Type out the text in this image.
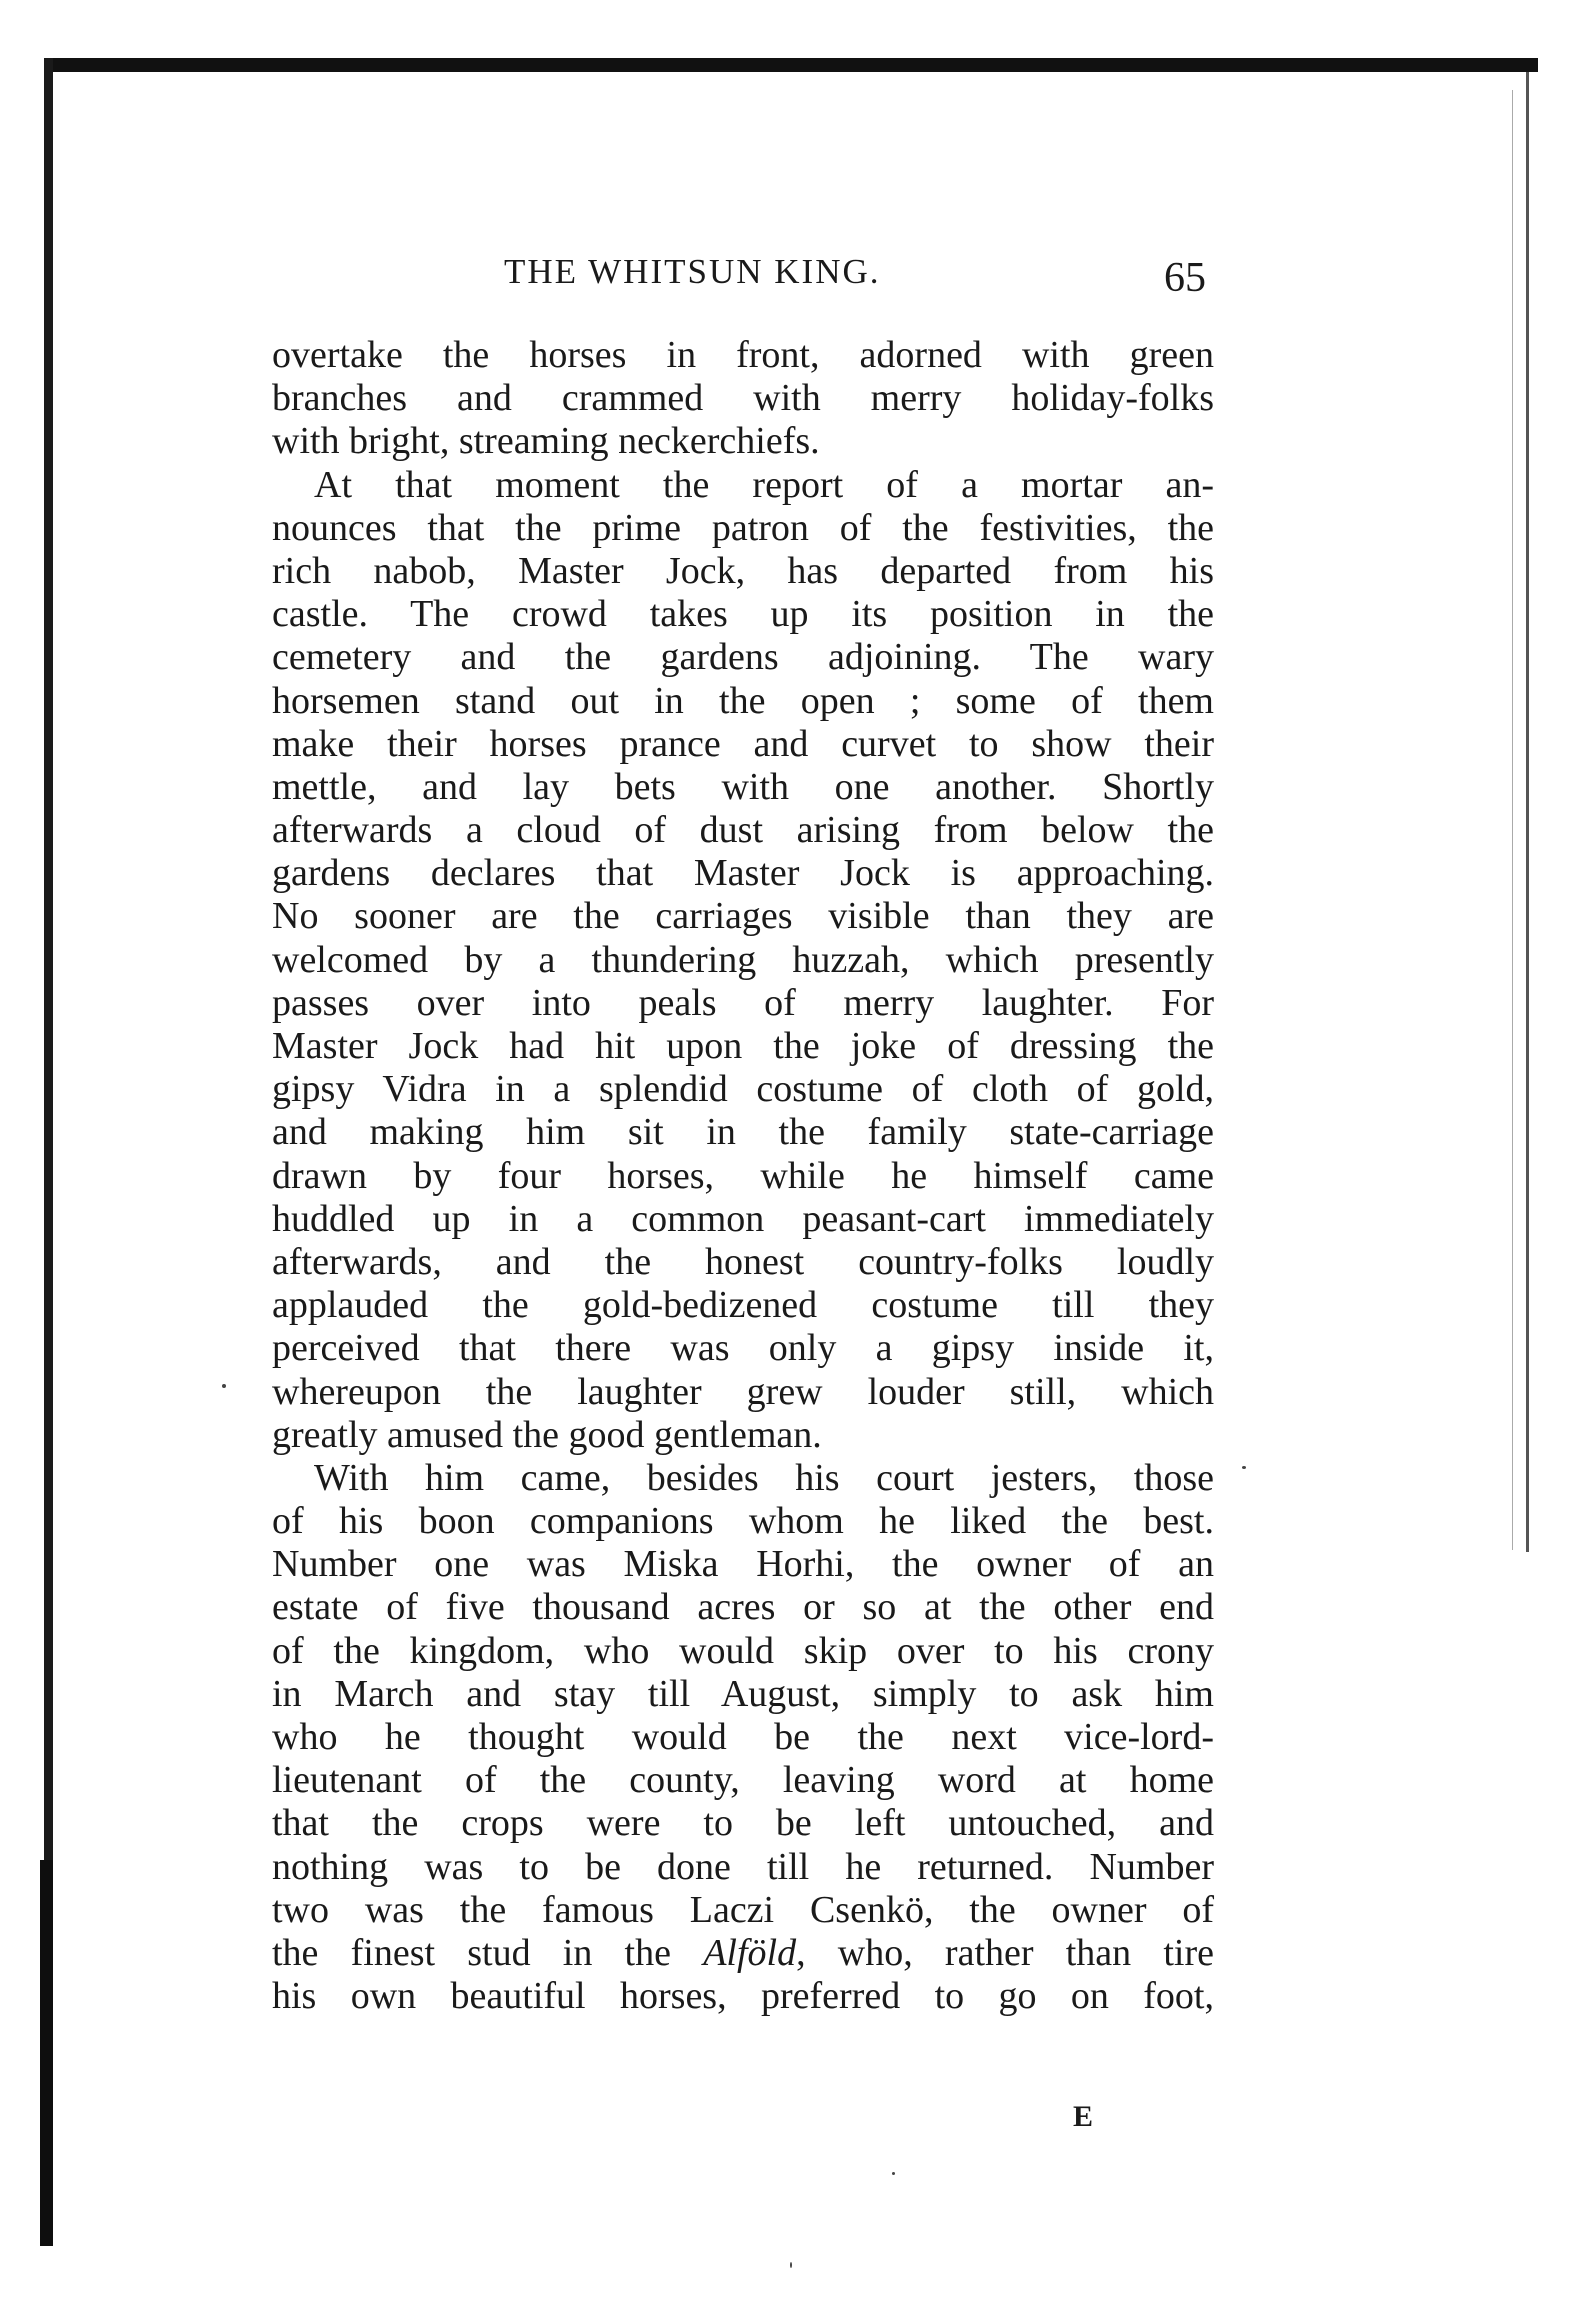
THE WHITSUN KING.	65
overtake the horses in front, adorned with green
branches and crammed with merry holiday-folks
with bright, streaming neckerchiefs.
At that moment the report of a mortar an-
nounces that the prime patron of the festivities, the
rich nabob, Master Jock, has departed from his
castle. The crowd takes up its position in the
cemetery and the gardens adjoining. The wary
horsemen stand out in the open ; some of them
make their horses prance and curvet to show their
mettle, and lay bets with one another. Shortly
afterwards a cloud of dust arising from below the
gardens declares that Master Jock is approaching.
No sooner are the carriages visible than they are
welcomed by a thundering huzzah, which presently
passes over into peals of merry laughter. For
Master Jock had hit upon the joke of dressing the
gipsy Vidra in a splendid costume of cloth of gold,
and making him sit in the family state-carriage
drawn by four horses, while he himself came
huddled up in a common peasant-cart immediately
afterwards, and the honest country-folks loudly
applauded the gold-bedizened costume till they
perceived that there was only a gipsy inside it,
whereupon the laughter grew louder still, which
greatly amused the good gentleman.
With him came, besides his court jesters, those
of his boon companions whom he liked the best.
Number one was Miska Horhi, the owner of an
estate of five thousand acres or so at the other end
of the kingdom, who would skip over to his crony
in March and stay till August, simply to ask him
who he thought would be the next vice-lord-
lieutenant of the county, leaving word at home
that the crops were to be left untouched, and
nothing was to be done till he returned. Number
two was the famous Laczi Csenkö, the owner of
the finest stud in the Alföld, who, rather than tire
his own beautiful horses, preferred to go on foot,
E
